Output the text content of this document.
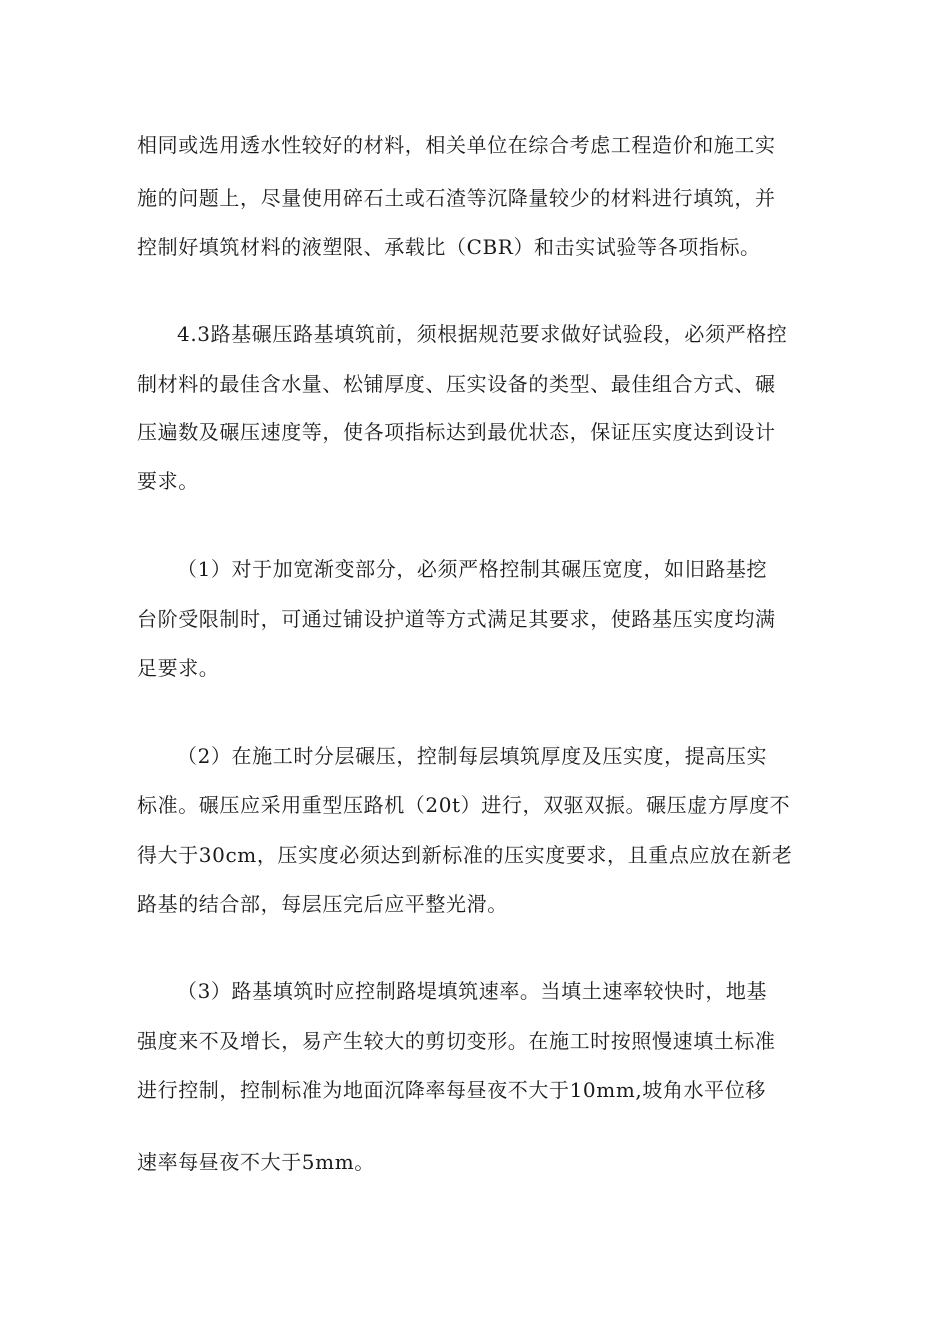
相同或选用透水性较好的材料，相关单位在综合考虑工程造价和施工实
施的问题上，尽量使用碎石土或石渣等沉降量较少的材料进行填筑，并
控制好填筑材料的液塑限、承载比（CBR）和击实试验等各项指标。
4.3路基碾压路基填筑前，须根据规范要求做好试验段，必须严格控
制材料的最佳含水量、松铺厚度、压实设备的类型、最佳组合方式、碾
压遍数及碾压速度等，使各项指标达到最优状态，保证压实度达到设计
要求。
（1）对于加宽渐变部分，必须严格控制其碾压宽度，如旧路基挖
台阶受限制时，可通过铺设护道等方式满足其要求，使路基压实度均满
足要求。
（2）在施工时分层碾压，控制每层填筑厚度及压实度，提高压实
标准。碾压应采用重型压路机（20t）进行，双驱双振。碾压虚方厚度不
得大于30cm，压实度必须达到新标准的压实度要求，且重点应放在新老
路基的结合部，每层压完后应平整光滑。
（3）路基填筑时应控制路堤填筑速率。当填土速率较快时，地基
强度来不及增长，易产生较大的剪切变形。在施工时按照慢速填土标准
进行控制，控制标准为地面沉降率每昼夜不大于10mm,坡角水平位移
速率每昼夜不大于5mm。
